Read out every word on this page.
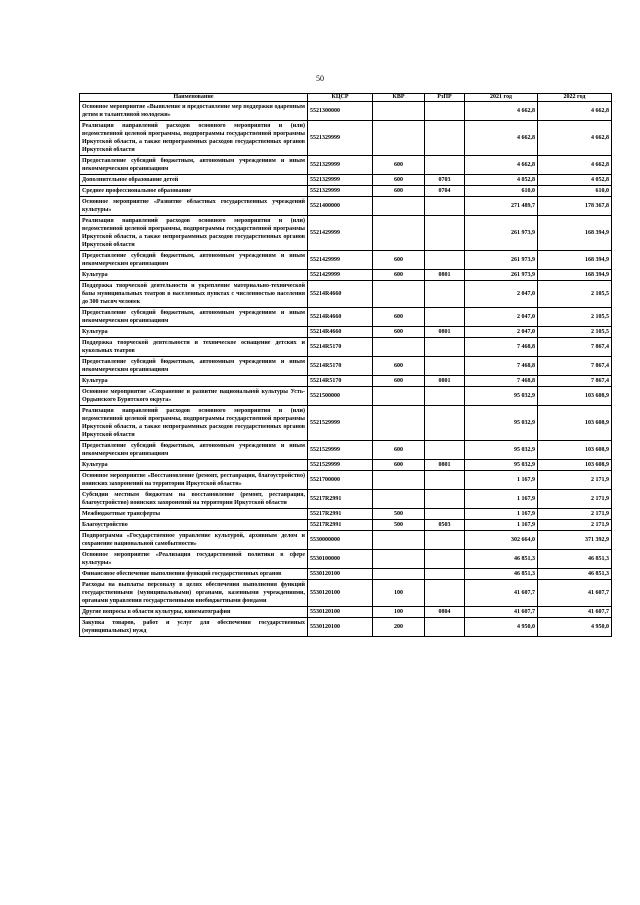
50
Наименование	КЦСР	КВР	РзПР	2021 год	2022 год
Основное мероприятие «Выявление и предоставление мер поддержки одаренным детям и талантливой молодежи»	5521300000			4 662,8	4 662,8
Реализация направлений расходов основного мероприятия и (или) ведомственной целевой программы, подпрограммы государственной программы Иркутской области, а также непрограммных расходов государственных органов Иркутской области	5521329999			4 662,8	4 662,8
Предоставление субсидий бюджетным, автономным учреждениям и иным некоммерческим организациям	5521329999	600		4 662,8	4 662,8
Дополнительное образование детей	5521329999	600	0703	4 052,8	4 052,8
Среднее профессиональное образование	5521329999	600	0704	610,0	610,0
Основное мероприятие «Развитие областных государственных учреждений культуры»	5521400000			271 489,7	178 367,8
Реализация направлений расходов основного мероприятия и (или) ведомственной целевой программы, подпрограммы государственной программы Иркутской области, а также непрограммных расходов государственных органов Иркутской области	5521429999			261 973,9	168 394,9
Предоставление субсидий бюджетным, автономным учреждениям и иным некоммерческим организациям	5521429999	600		261 973,9	168 394,9
Культура	5521429999	600	0801	261 973,9	168 394,9
Поддержка творческой деятельности и укрепление материально-технической базы муниципальных театров в населенных пунктах с численностью населения до 300 тысяч человек	55214R4660			2 047,0	2 105,5
Предоставление субсидий бюджетным, автономным учреждениям и иным некоммерческим организациям	55214R4660	600		2 047,0	2 105,5
Культура	55214R4660	600	0801	2 047,0	2 105,5
Поддержка творческой деятельности и техническое оснащение детских и кукольных театров	55214R5170			7 468,8	7 867,4
Предоставление субсидий бюджетным, автономным учреждениям и иным некоммерческим организациям	55214R5170	600		7 468,8	7 867,4
Культура	55214R5170	600	0801	7 468,8	7 867,4
Основное мероприятие «Сохранение и развитие национальной культуры Усть-Ордынского Бурятского округа»	5521500000			95 032,9	103 608,9
Реализация направлений расходов основного мероприятия и (или) ведомственной целевой программы, подпрограммы государственной программы Иркутской области, а также непрограммных расходов государственных органов Иркутской области	5521529999			95 032,9	103 608,9
Предоставление субсидий бюджетным, автономным учреждениям и иным некоммерческим организациям	5521529999	600		95 032,9	103 608,9
Культура	5521529999	600	0801	95 032,9	103 608,9
Основное мероприятие «Восстановление (ремонт, реставрация, благоустройство) воинских захоронений на территории Иркутской области»	5521700000			1 167,9	2 171,9
Субсидии местным бюджетам на восстановление (ремонт, реставрация, благоустройство) воинских захоронений на территории Иркутской области	55217R2991			1 167,9	2 171,9
Межбюджетные трансферты	55217R2991	500		1 167,9	2 171,9
Благоустройство	55217R2991	500	0503	1 167,9	2 171,9
Подпрограмма «Государственное управление культурой, архивным делом и сохранение национальной самобытности»	5530000000			302 664,0	371 392,9
Основное мероприятие «Реализация государственной политики в сфере культуры»	5530100000			46 851,3	46 851,3
Финансовое обеспечение выполнения функций государственных органов	5530120100			46 851,3	46 851,3
Расходы на выплаты персоналу в целях обеспечения выполнения функций государственными (муниципальными) органами, казенными учреждениями, органами управления государственными внебюджетными фондами	5530120100	100		41 607,7	41 607,7
Другие вопросы в области культуры, кинематографии	5530120100	100	0804	41 607,7	41 607,7
Закупка товаров, работ и услуг для обеспечения государственных (муниципальных) нужд	5530120100	200		4 950,0	4 950,0
